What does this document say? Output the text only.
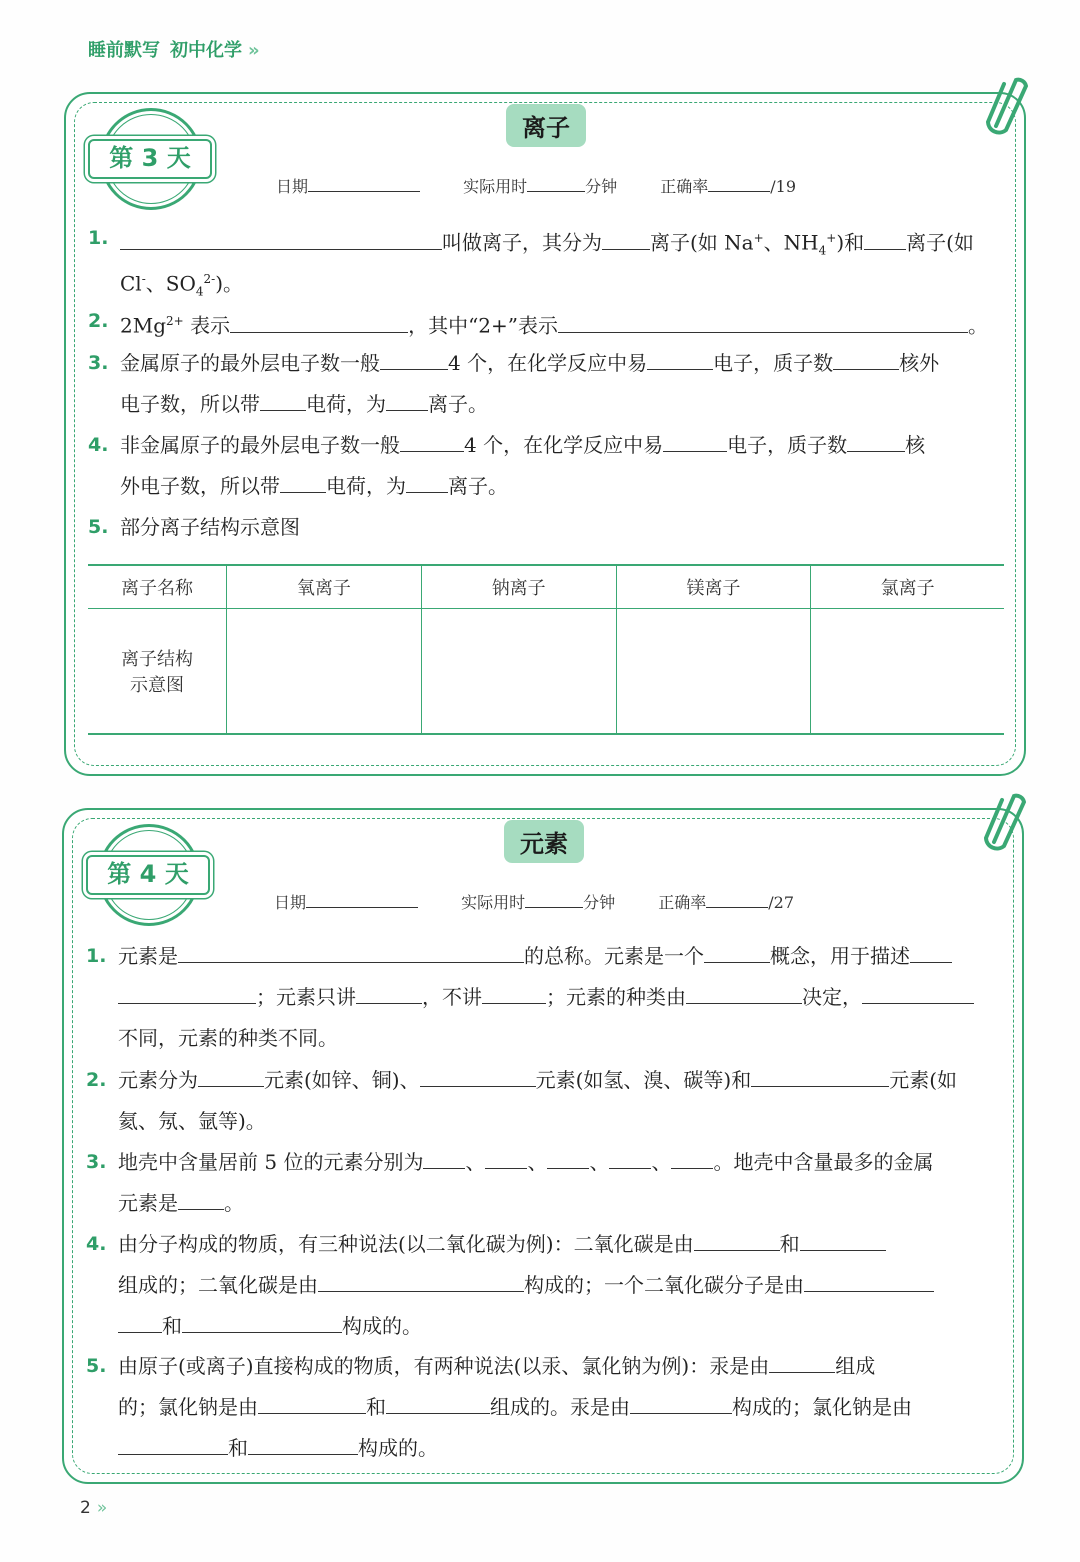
睡前默写 初中化学 »
离子
第 3 天
日期	实际用时	分钟	正确率	/19
1.	叫做离子，其分为 离子(如 Na+、$NH_4^+$)和 离子(如
Cl-、$SO_4^{2-}$)。
2. $2Mg^{2+}$ 表示	，其中“2+”表示	。
3. 金属原子的最外层电子数一般	4 个，在化学反应中易	电子，质子数	核外
电子数，所以带 电荷，为 离子。
4. 非金属原子的最外层电子数一般	4 个，在化学反应中易	电子，质子数	核
外电子数，所以带 电荷，为 离子。
5. 部分离子结构示意图
离子名称	氧离子	钠离子	镁离子	氯离子
离子结构
示意图				
元素
第 4 天
日期	实际用时	分钟	正确率	/27
1. 元素是	的总称。元素是一个	概念，用于描述
；元素只讲	，不讲	；元素的种类由	决定，
不同，元素的种类不同。
2. 元素分为	元素(如锌、铜)、	元素(如氢、溴、碳等)和	元素(如
氦、氖、氩等)。
3. 地壳中含量居前 5 位的元素分别为 、 、 、 、 。地壳中含量最多的金属
元素是 。
4. 由分子构成的物质，有三种说法(以二氧化碳为例)：二氧化碳是由	和
组成的；二氧化碳是由	构成的；一个二氧化碳分子是由
和	构成的。
5. 由原子(或离子)直接构成的物质，有两种说法(以汞、氯化钠为例)：汞是由	组成
的；氯化钠是由	和	组成的。汞是由	构成的；氯化钠是由
和	构成的。
2 »
